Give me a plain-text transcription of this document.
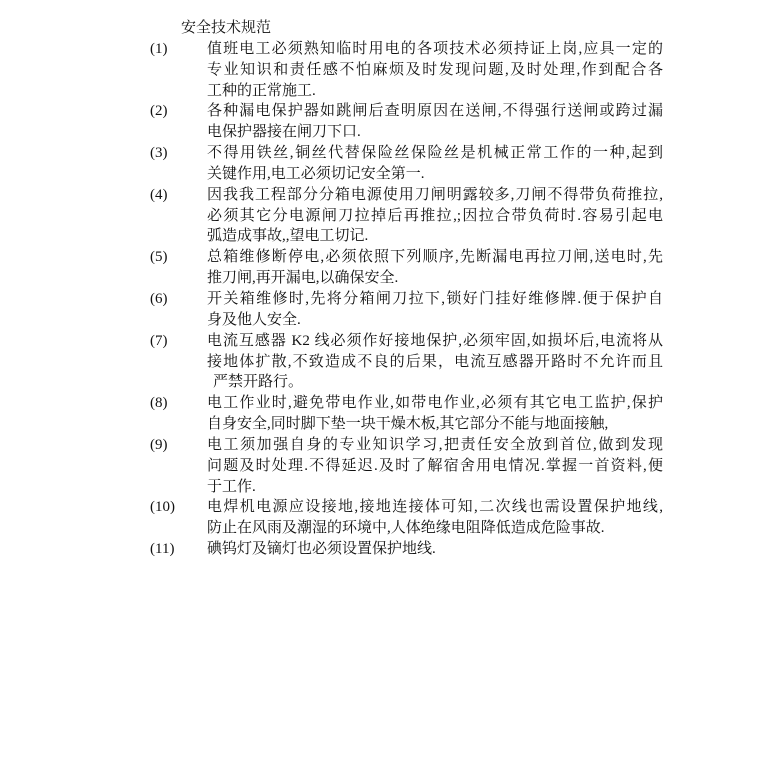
安全技术规范
(1)	值班电工必须熟知临时用电的各项技术必须持证上岗,应具一定的
专业知识和责任感不怕麻烦及时发现问题,及时处理,作到配合各
工种的正常施工.
(2)	各种漏电保护器如跳闸后查明原因在送闸,不得强行送闸或跨过漏
电保护器接在闸刀下口.
(3)	不得用铁丝,铜丝代替保险丝保险丝是机械正常工作的一种,起到
关键作用,电工必须切记安全第一.
(4)	因我我工程部分分箱电源使用刀闸明露较多,刀闸不得带负荷推拉,
必须其它分电源闸刀拉掉后再推拉,;因拉合带负荷时.容易引起电
弧造成事故,,望电工切记.
(5)	总箱维修断停电,必须依照下列顺序,先断漏电再拉刀闸,送电时,先
推刀闸,再开漏电,以确保安全.
(6)	开关箱维修时,先将分箱闸刀拉下,锁好门挂好维修牌.便于保护自
身及他人安全.
(7)	电流互感器 K2 线必须作好接地保护,必须牢固,如损坏后,电流将从
接地体扩散,不致造成不良的后果，电流互感器开路时不允许而且
严禁开路行。
(8)	电工作业时,避免带电作业,如带电作业,必须有其它电工监护,保护
自身安全,同时脚下垫一块干燥木板,其它部分不能与地面接触,
(9)	电工须加强自身的专业知识学习,把责任安全放到首位,做到发现
问题及时处理.不得延迟.及时了解宿舍用电情况.掌握一首资料,便
于工作.
(10)	电焊机电源应设接地,接地连接体可知,二次线也需设置保护地线,
防止在风雨及潮湿的环境中,人体绝缘电阻降低造成危险事故.
(11)	碘钨灯及镝灯也必须设置保护地线.
